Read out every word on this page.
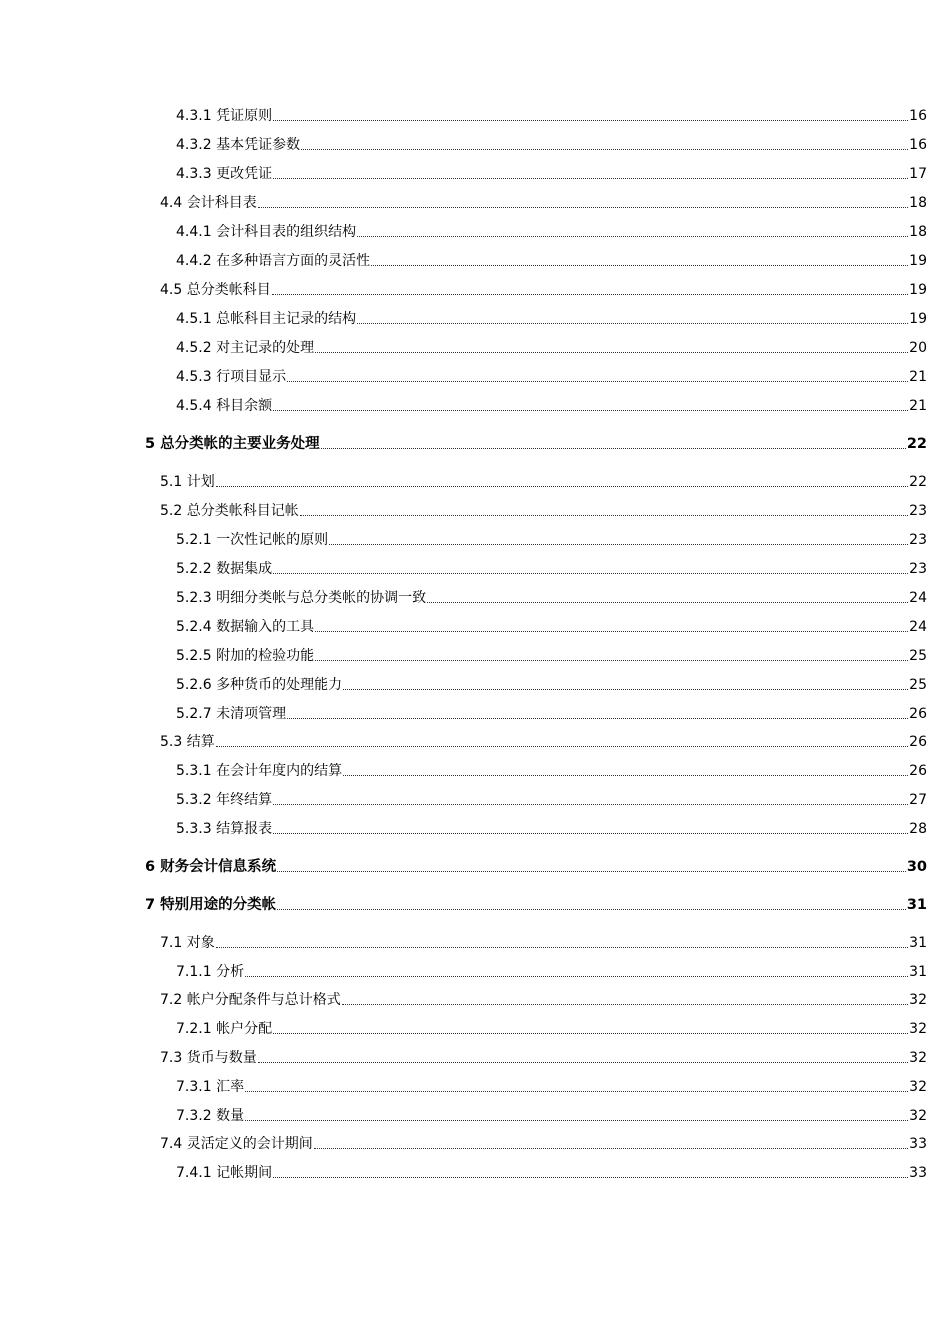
4.3.1 凭证原则	16
4.3.2 基本凭证参数	16
4.3.3 更改凭证	17
4.4 会计科目表	18
4.4.1 会计科目表的组织结构	18
4.4.2 在多种语言方面的灵活性	19
4.5 总分类帐科目	19
4.5.1 总帐科目主记录的结构	19
4.5.2 对主记录的处理	20
4.5.3 行项目显示	21
4.5.4 科目余额	21
5 总分类帐的主要业务处理	22
5.1 计划	22
5.2 总分类帐科目记帐	23
5.2.1 一次性记帐的原则	23
5.2.2 数据集成	23
5.2.3 明细分类帐与总分类帐的协调一致	24
5.2.4 数据输入的工具	24
5.2.5 附加的检验功能	25
5.2.6 多种货币的处理能力	25
5.2.7 未清项管理	26
5.3 结算	26
5.3.1 在会计年度内的结算	26
5.3.2 年终结算	27
5.3.3 结算报表	28
6 财务会计信息系统	30
7 特别用途的分类帐	31
7.1 对象	31
7.1.1 分析	31
7.2 帐户分配条件与总计格式	32
7.2.1 帐户分配	32
7.3 货币与数量	32
7.3.1 汇率	32
7.3.2 数量	32
7.4 灵活定义的会计期间	33
7.4.1 记帐期间	33
